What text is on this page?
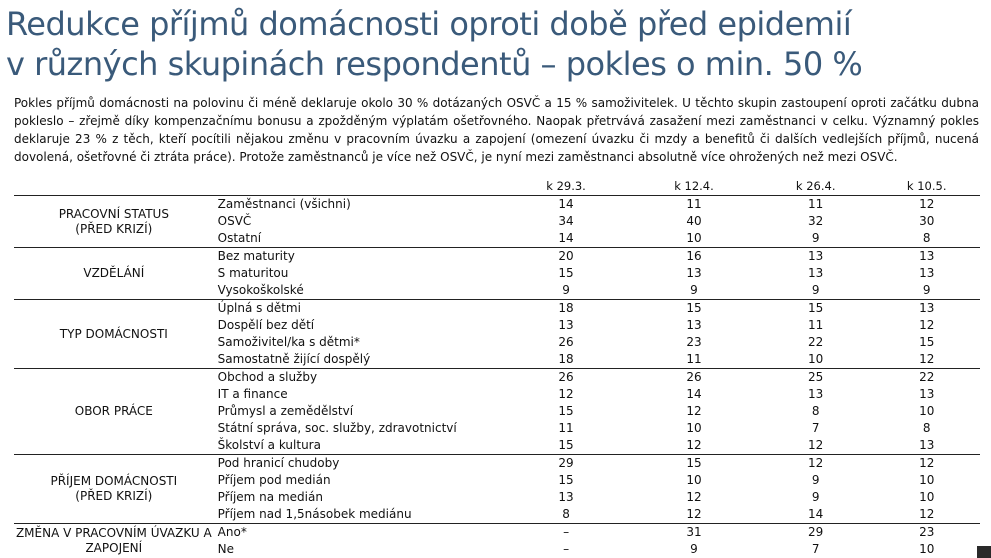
Redukce příjmů domácnosti oproti době před epidemií
v různých skupinách respondentů – pokles o min. 50 %

Pokles příjmů domácnosti na polovinu či méně deklaruje okolo 30 % dotázaných OSVČ a 15 % samoživitelek. U těchto skupin zastoupení oproti začátku dubna pokleslo – zřejmě díky kompenzačnímu bonusu a zpožděným výplatám ošetřovného. Naopak přetrvává zasažení mezi zaměstnanci v celku. Významný pokles deklaruje 23 % z těch, kteří pocítili nějakou změnu v pracovním úvazku a zapojení (omezení úvazku či mzdy a benefitů či dalších vedlejších příjmů, nucená dovolená, ošetřovné či ztráta práce). Protože zaměstnanců je více než OSVČ, je nyní mezi zaměstnanci absolutně více ohrožených než mezi OSVČ.

		k 29.3.	k 12.4.	k 26.4.	k 10.5.
PRACOVNÍ STATUS
(PŘED KRIZÍ)	Zaměstnanci (všichni)	14	11	11	12
	OSVČ	34	40	32	30
	Ostatní	14	10	9	8
VZDĚLÁNÍ	Bez maturity	20	16	13	13
	S maturitou	15	13	13	13
	Vysokoškolské	9	9	9	9
TYP DOMÁCNOSTI	Úplná s dětmi	18	15	15	13
	Dospělí bez dětí	13	13	11	12
	Samoživitel/ka s dětmi*	26	23	22	15
	Samostatně žijící dospělý	18	11	10	12
OBOR PRÁCE	Obchod a služby	26	26	25	22
	IT a finance	12	14	13	13
	Průmysl a zemědělství	15	12	8	10
	Státní správa, soc. služby, zdravotnictví	11	10	7	8
	Školství a kultura	15	12	12	13
PŘÍJEM DOMÁCNOSTI
(PŘED KRIZÍ)	Pod hranicí chudoby	29	15	12	12
	Příjem pod medián	15	10	9	10
	Příjem na medián	13	12	9	10
	Příjem nad 1,5násobek mediánu	8	12	14	12
ZMĚNA V PRACOVNÍM ÚVAZKU A
ZAPOJENÍ	Ano*	–	31	29	23
	Ne	–	9	7	10
